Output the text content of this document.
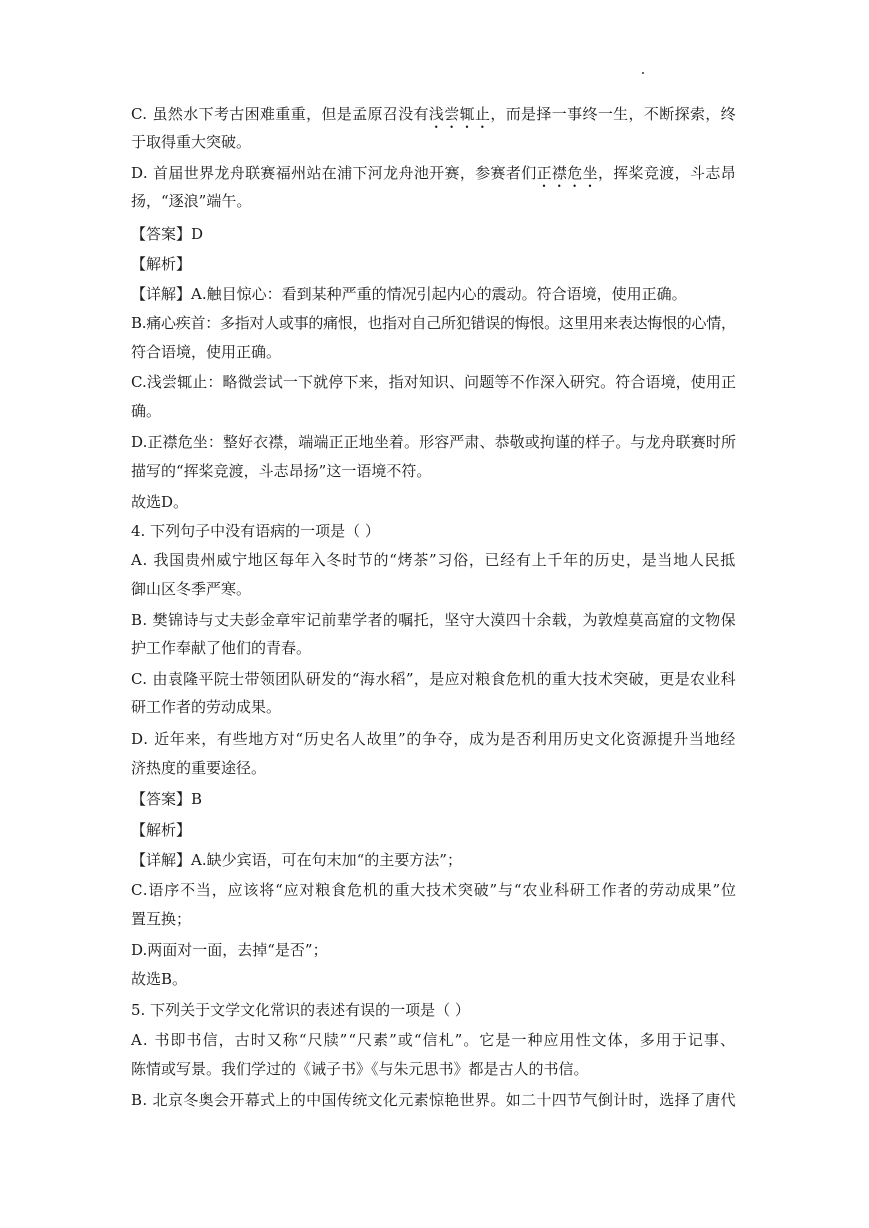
C. 虽然水下考古困难重重，但是孟原召没有浅尝辄止，而是择一事终一生，不断探索，终
于取得重大突破。
D. 首届世界龙舟联赛福州站在浦下河龙舟池开赛，参赛者们正襟危坐，挥桨竞渡，斗志昂
扬，“逐浪”端午。
【答案】D
【解析】
【详解】A.触目惊心：看到某种严重的情况引起内心的震动。符合语境，使用正确。
B.痛心疾首：多指对人或事的痛恨，也指对自己所犯错误的悔恨。这里用来表达悔恨的心情，
符合语境，使用正确。
C.浅尝辄止：略微尝试一下就停下来，指对知识、问题等不作深入研究。符合语境，使用正
确。
D.正襟危坐：整好衣襟，端端正正地坐着。形容严肃、恭敬或拘谨的样子。与龙舟联赛时所
描写的“挥桨竞渡，斗志昂扬”这一语境不符。
故选D。
4. 下列句子中没有语病的一项是（ ）
A. 我国贵州威宁地区每年入冬时节的“烤茶”习俗，已经有上千年的历史，是当地人民抵
御山区冬季严寒。
B. 樊锦诗与丈夫彭金章牢记前辈学者的嘱托，坚守大漠四十余载，为敦煌莫高窟的文物保
护工作奉献了他们的青春。
C. 由袁隆平院士带领团队研发的“海水稻”，是应对粮食危机的重大技术突破，更是农业科
研工作者的劳动成果。
D. 近年来，有些地方对“历史名人故里”的争夺，成为是否利用历史文化资源提升当地经
济热度的重要途径。
【答案】B
【解析】
【详解】A.缺少宾语，可在句末加“的主要方法”；
C.语序不当，应该将“应对粮食危机的重大技术突破”与“农业科研工作者的劳动成果”位
置互换；
D.两面对一面，去掉“是否”；
故选B。
5. 下列关于文学文化常识的表述有误的一项是（ ）
A. 书即书信，古时又称“尺牍”“尺素”或“信札”。它是一种应用性文体，多用于记事、
陈情或写景。我们学过的《诫子书》《与朱元思书》都是古人的书信。
B. 北京冬奥会开幕式上的中国传统文化元素惊艳世界。如二十四节气倒计时，选择了唐代
